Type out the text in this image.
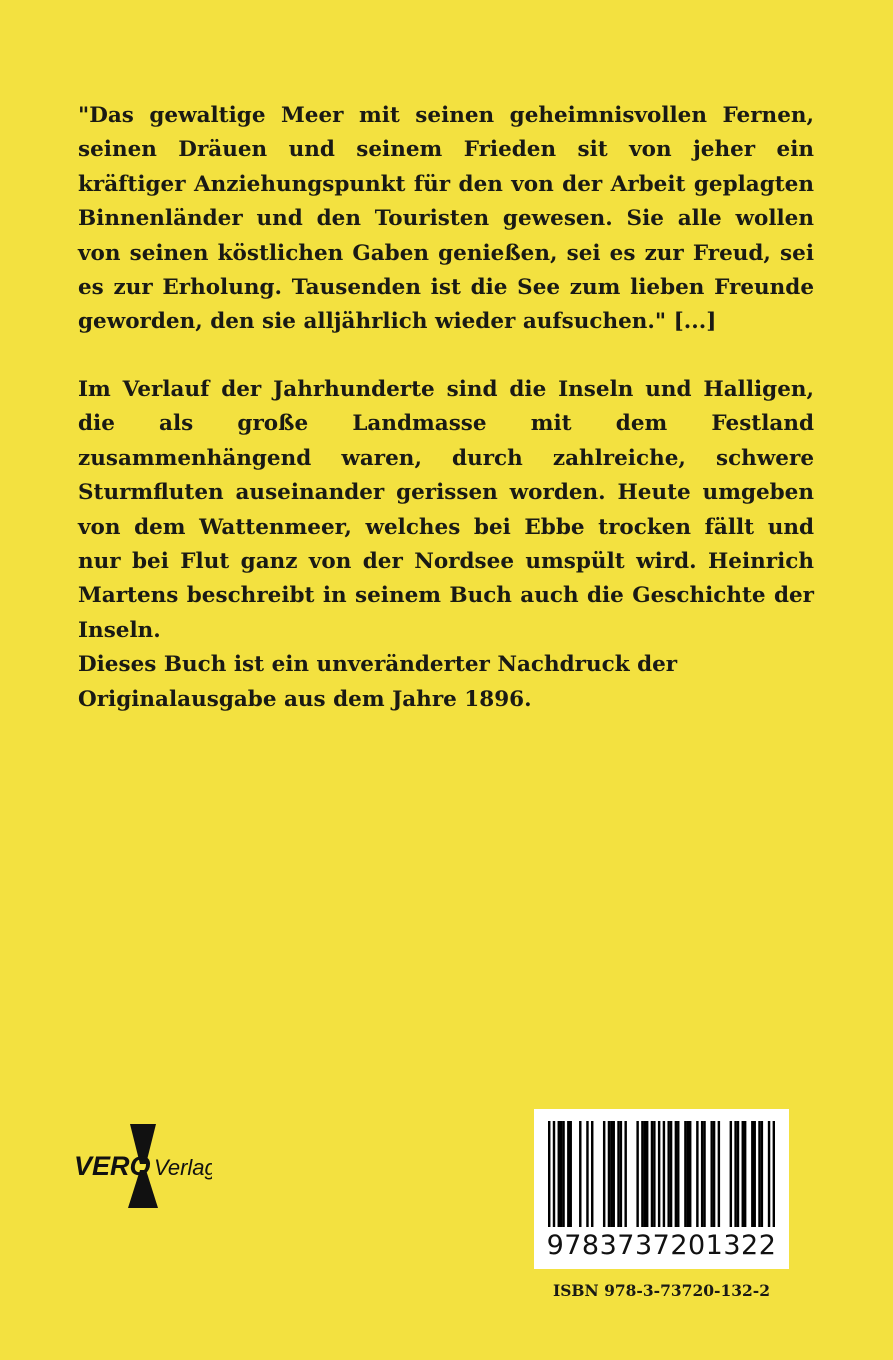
"Das gewaltige Meer mit seinen geheimnisvollen Fernen, seinen Dräuen und seinem Frieden sit von jeher ein kräftiger Anziehungspunkt für den von der Arbeit geplagten Binnenländer und den Touristen gewesen. Sie alle wollen von seinen köstlichen Gaben genießen, sei es zur Freud, sei es zur Erholung. Tausenden ist die See zum lieben Freunde geworden, den sie alljährlich wieder aufsuchen." [...]

Im Verlauf der Jahrhunderte sind die Inseln und Halligen, die als große Landmasse mit dem Festland zusammenhängend waren, durch zahlreiche, schwere Sturmfluten auseinander gerissen worden. Heute umgeben von dem Wattenmeer, welches bei Ebbe trocken fällt und nur bei Flut ganz von der Nordsee umspült wird. Heinrich Martens beschreibt in seinem Buch auch die Geschichte der Inseln.

Dieses Buch ist ein unveränderter Nachdruck der Originalausgabe aus dem Jahre 1896.

VERO Verlag
9783737201322
ISBN 978-3-73720-132-2
